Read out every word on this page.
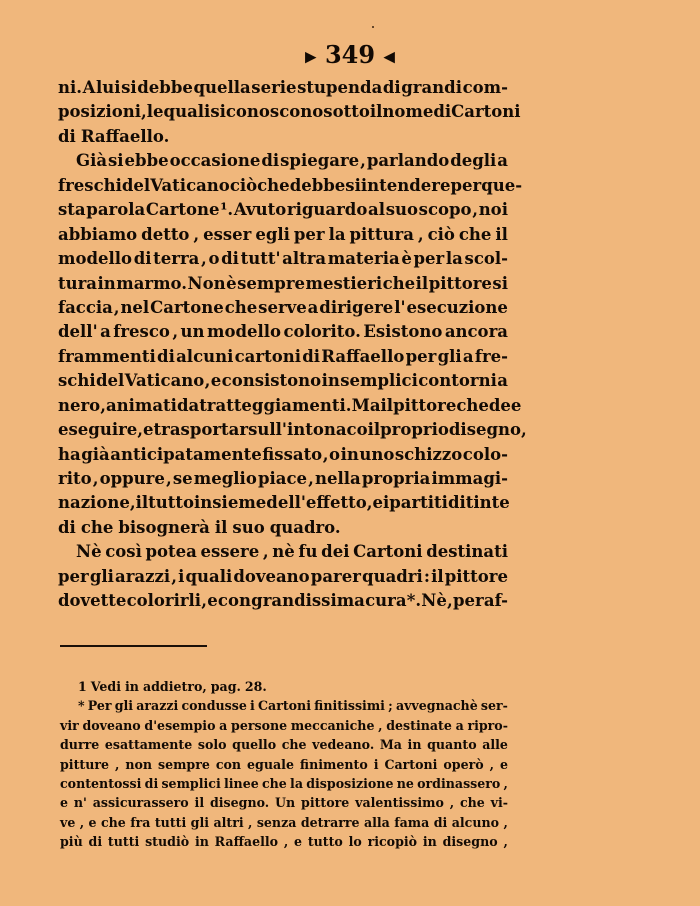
▶ 349 ◀
ni. A lui si debbe quella serie stupenda di grandi com-
posizioni , le quali si conoscono sotto il nome di Cartoni
di Raffaello.
Già si ebbe occasione di spiegare , parlando degli a
freschi del Vaticano ciò che debbesi intendere per que-
sta parola Cartone ¹. Avuto riguardo al suo scopo , noi
abbiamo detto , esser egli per la pittura , ciò che il
modello di terra , o di tutt' altra materia è per la scol-
tura in marmo. Non è sempre mestieri che il pittore si
faccia , nel Cartone che serve a dirigere l' esecuzione
dell' a fresco , un modello colorito. Esistono ancora
frammenti di alcuni cartoni di Raffaello per gli a fre-
schi del Vaticano , e consistono in semplici contorni a
nero , animati da tratteggiamenti. Ma il pittore che dee
eseguire , e trasportar sull' intonaco il proprio disegno,
ha già anticipatamente fissato , o in uno schizzo colo-
rito , oppure , se meglio piace , nella propria immagi-
nazione , il tutto insieme dell' effetto , e i partiti di tinte
di che bisognerà il suo quadro.
Nè così potea essere , nè fu dei Cartoni destinati
per gli arazzi , i quali doveano parer quadri : il pittore
dovette colorirli , e con grandissima cura *. Nè , per af-
1 Vedi in addietro, pag. 28.
* Per gli arazzi condusse i Cartoni finitissimi ; avvegnachè ser-
vir doveano d'esempio a persone meccaniche , destinate a ripro-
durre esattamente solo quello che vedeano. Ma in quanto alle
pitture , non sempre con eguale finimento i Cartoni operò , e
contentossi di semplici linee che la disposizione ne ordinassero ,
e n' assicurassero il disegno. Un pittore valentissimo , che vi-
ve , e che fra tutti gli altri , senza detrarre alla fama di alcuno ,
più di tutti studiò in Raffaello , e tutto lo ricopiò in disegno ,
